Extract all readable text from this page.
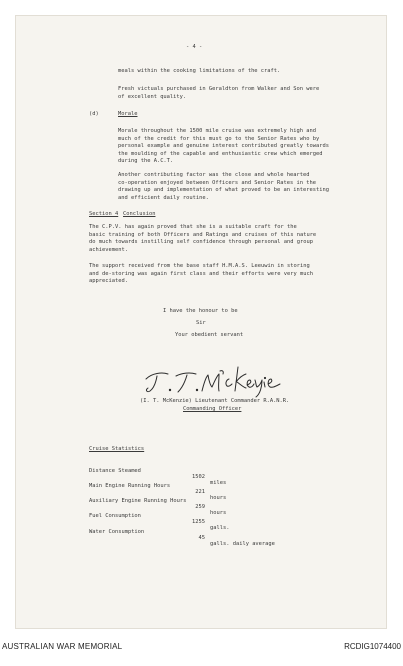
- 4 -
meals within the cooking limitations of the craft.
Fresh victuals purchased in Geraldton from Walker and Son were
of excellent quality.
(d)	Morale
Morale throughout the 1500 mile cruise was extremely high and
much of the credit for this must go to the Senior Rates who by
personal example and genuine interest contributed greatly towards
the moulding of the capable and enthusiastic crew which emerged
during the A.C.T.
Another contributing factor was the close and whole hearted
co-operation enjoyed between Officers and Senior Rates in the
drawing up and implementation of what proved to be an interesting
and efficient daily routine.
Section 4 Conclusion
The C.P.V. has again proved that she is a suitable craft for the
basic training of both Officers and Ratings and cruises of this nature
do much towards instilling self confidence through personal and group
achievement.
The support received from the base staff H.M.A.S. Leeuwin in storing
and de-storing was again first class and their efforts were very much
appreciated.
I have the honour to be
Sir
Your obedient servant
(I. T. McKenzie) Lieutenant Commander R.A.N.R.
Commanding Officer
Cruise Statistics

Distance Steamed

1502

miles

Main Engine Running Hours

221

hours

Auxiliary Engine Running Hours

259

hours

Fuel Consumption

1255

galls.

Water Consumption

45

galls. daily average

AUSTRALIAN WAR MEMORIAL	RCDIG1074400
